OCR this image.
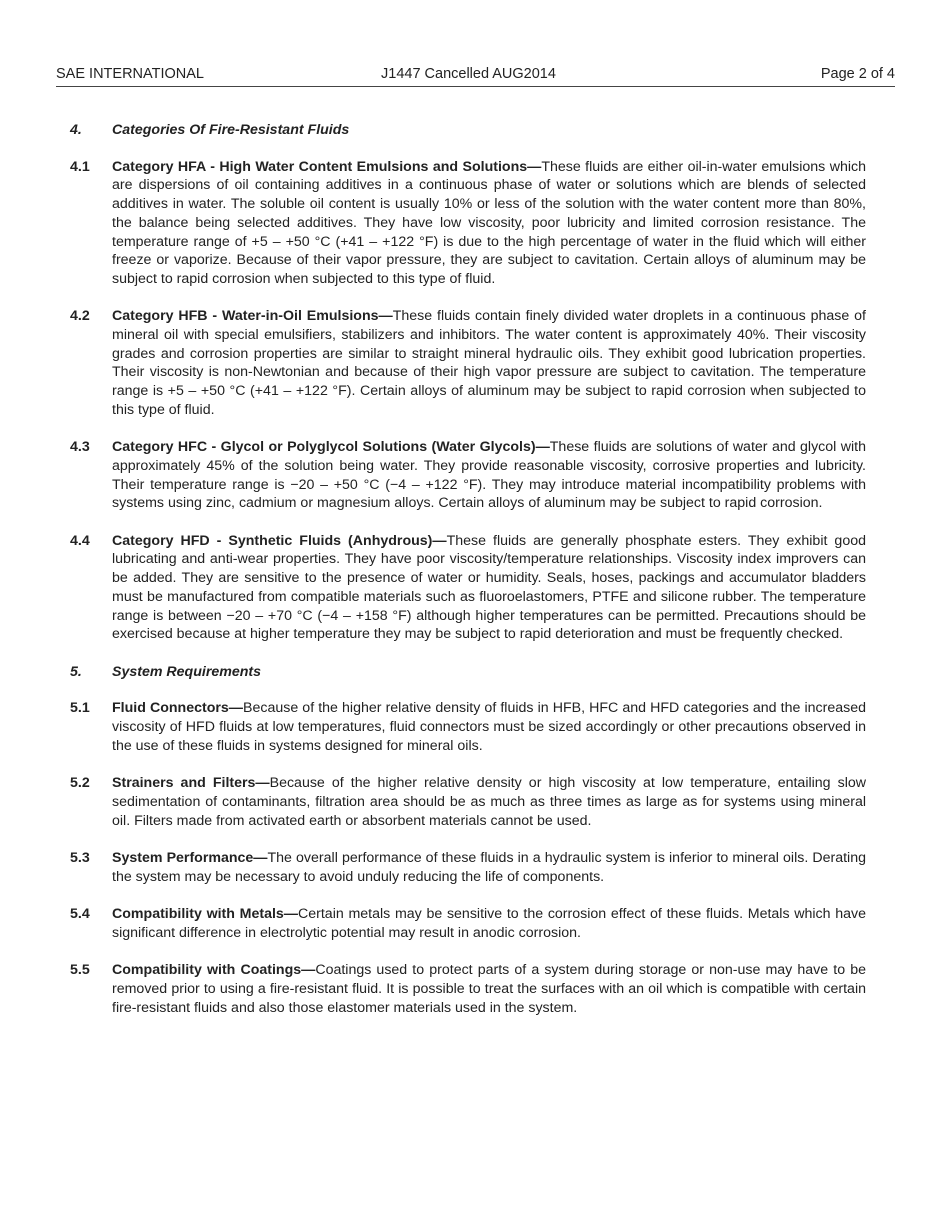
SAE INTERNATIONAL	J1447 Cancelled AUG2014	Page 2 of 4
4.	Categories Of Fire-Resistant Fluids
4.1	Category HFA - High Water Content Emulsions and Solutions—These fluids are either oil-in-water emulsions which are dispersions of oil containing additives in a continuous phase of water or solutions which are blends of selected additives in water. The soluble oil content is usually 10% or less of the solution with the water content more than 80%, the balance being selected additives. They have low viscosity, poor lubricity and limited corrosion resistance. The temperature range of +5 – +50 °C (+41 – +122 °F) is due to the high percentage of water in the fluid which will either freeze or vaporize. Because of their vapor pressure, they are subject to cavitation. Certain alloys of aluminum may be subject to rapid corrosion when subjected to this type of fluid.
4.2	Category HFB - Water-in-Oil Emulsions—These fluids contain finely divided water droplets in a continuous phase of mineral oil with special emulsifiers, stabilizers and inhibitors. The water content is approximately 40%. Their viscosity grades and corrosion properties are similar to straight mineral hydraulic oils. They exhibit good lubrication properties. Their viscosity is non-Newtonian and because of their high vapor pressure are subject to cavitation. The temperature range is +5 – +50 °C (+41 – +122 °F). Certain alloys of aluminum may be subject to rapid corrosion when subjected to this type of fluid.
4.3	Category HFC - Glycol or Polyglycol Solutions (Water Glycols)—These fluids are solutions of water and glycol with approximately 45% of the solution being water. They provide reasonable viscosity, corrosive properties and lubricity. Their temperature range is −20 – +50 °C (−4 – +122 °F). They may introduce material incompatibility problems with systems using zinc, cadmium or magnesium alloys. Certain alloys of aluminum may be subject to rapid corrosion.
4.4	Category HFD - Synthetic Fluids (Anhydrous)—These fluids are generally phosphate esters. They exhibit good lubricating and anti-wear properties. They have poor viscosity/temperature relationships. Viscosity index improvers can be added. They are sensitive to the presence of water or humidity. Seals, hoses, packings and accumulator bladders must be manufactured from compatible materials such as fluoroelastomers, PTFE and silicone rubber. The temperature range is between −20 – +70 °C (−4 – +158 °F) although higher temperatures can be permitted. Precautions should be exercised because at higher temperature they may be subject to rapid deterioration and must be frequently checked.
5.	System Requirements
5.1	Fluid Connectors—Because of the higher relative density of fluids in HFB, HFC and HFD categories and the increased viscosity of HFD fluids at low temperatures, fluid connectors must be sized accordingly or other precautions observed in the use of these fluids in systems designed for mineral oils.
5.2	Strainers and Filters—Because of the higher relative density or high viscosity at low temperature, entailing slow sedimentation of contaminants, filtration area should be as much as three times as large as for systems using mineral oil. Filters made from activated earth or absorbent materials cannot be used.
5.3	System Performance—The overall performance of these fluids in a hydraulic system is inferior to mineral oils. Derating the system may be necessary to avoid unduly reducing the life of components.
5.4	Compatibility with Metals—Certain metals may be sensitive to the corrosion effect of these fluids. Metals which have significant difference in electrolytic potential may result in anodic corrosion.
5.5	Compatibility with Coatings—Coatings used to protect parts of a system during storage or non-use may have to be removed prior to using a fire-resistant fluid. It is possible to treat the surfaces with an oil which is compatible with certain fire-resistant fluids and also those elastomer materials used in the system.
